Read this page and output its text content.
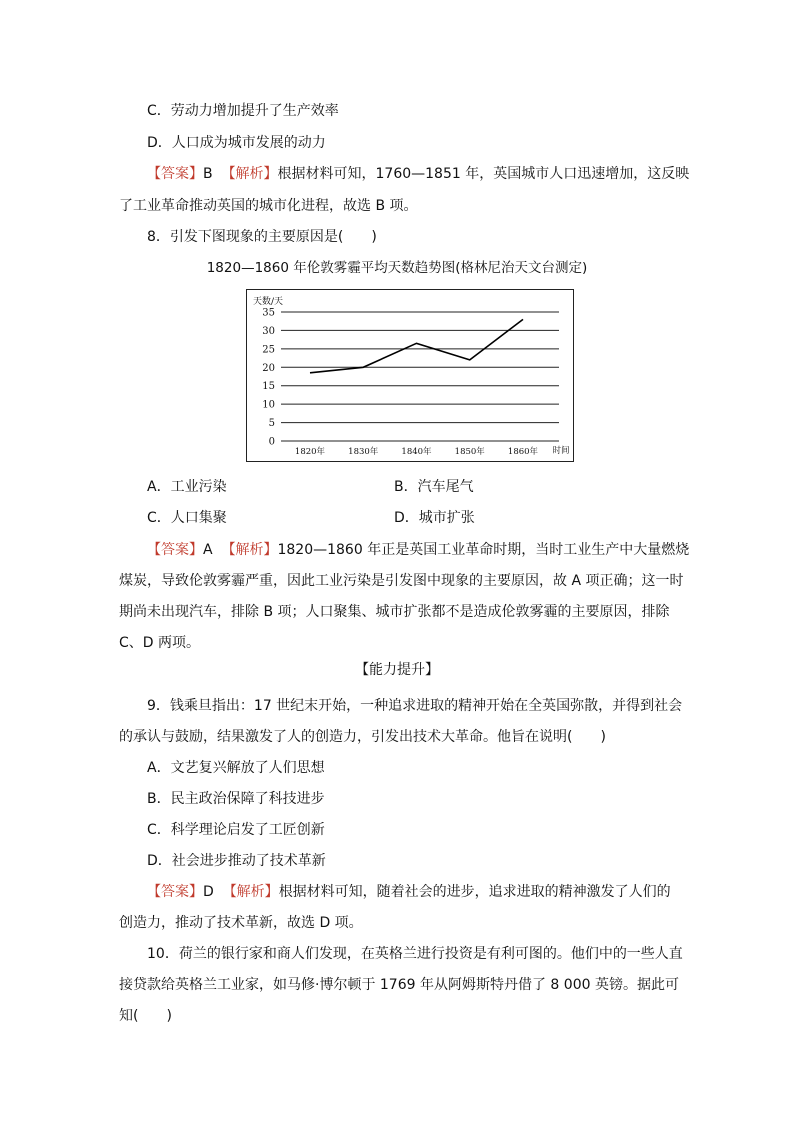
C．劳动力增加提升了生产效率
D．人口成为城市发展的动力
【答案】B 【解析】根据材料可知，1760—1851 年，英国城市人口迅速增加，这反映
了工业革命推动英国的城市化进程，故选 B 项。
8．引发下图现象的主要原因是(　　)
1820—1860 年伦敦雾霾平均天数趋势图(格林尼治天文台测定)
天数/天
0
5
10
15
20
25
30
35
1820年	1830年	1840年	1850年	1860年 时间
A．工业污染	B．汽车尾气
C．人口集聚	D．城市扩张
【答案】A 【解析】1820—1860 年正是英国工业革命时期，当时工业生产中大量燃烧
煤炭，导致伦敦雾霾严重，因此工业污染是引发图中现象的主要原因，故 A 项正确；这一时
期尚未出现汽车，排除 B 项；人口聚集、城市扩张都不是造成伦敦雾霾的主要原因，排除
C、D 两项。
【能力提升】
9．钱乘旦指出：17 世纪末开始，一种追求进取的精神开始在全英国弥散，并得到社会
的承认与鼓励，结果激发了人的创造力，引发出技术大革命。他旨在说明(　　)
A．文艺复兴解放了人们思想
B．民主政治保障了科技进步
C．科学理论启发了工匠创新
D．社会进步推动了技术革新
【答案】D 【解析】根据材料可知，随着社会的进步，追求进取的精神激发了人们的
创造力，推动了技术革新，故选 D 项。
10．荷兰的银行家和商人们发现，在英格兰进行投资是有利可图的。他们中的一些人直
接贷款给英格兰工业家，如马修·博尔顿于 1769 年从阿姆斯特丹借了 8 000 英镑。据此可
知(　　)
